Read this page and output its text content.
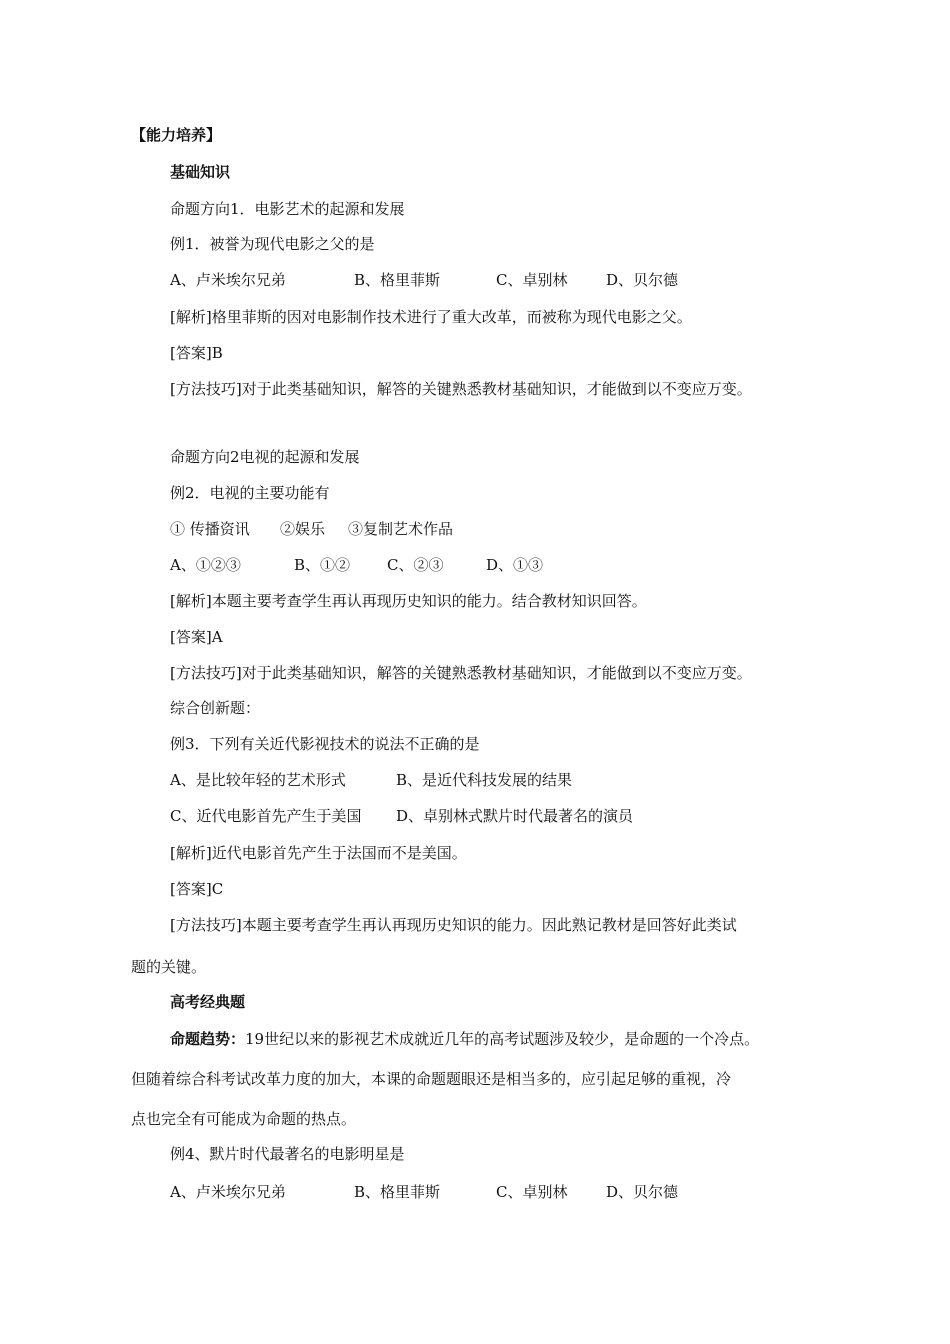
【能力培养】
基础知识
命题方向1．电影艺术的起源和发展
例1．被誉为现代电影之父的是
A、卢米埃尔兄弟	B、格里菲斯	C、卓别林	D、贝尔德
[解析]格里菲斯的因对电影制作技术进行了重大改革，而被称为现代电影之父。
[答案]B
[方法技巧]对于此类基础知识，解答的关键熟悉教材基础知识，才能做到以不变应万变。
命题方向2电视的起源和发展
例2．电视的主要功能有
① 传播资讯 ②娱乐 ③复制艺术作品
A、①②③	B、①② C、②③	D、①③
[解析]本题主要考查学生再认再现历史知识的能力。结合教材知识回答。
[答案]A
[方法技巧]对于此类基础知识，解答的关键熟悉教材基础知识，才能做到以不变应万变。
综合创新题：
例3．下列有关近代影视技术的说法不正确的是
A、是比较年轻的艺术形式	B、是近代科技发展的结果
C、近代电影首先产生于美国 D、卓别林式默片时代最著名的演员
[解析]近代电影首先产生于法国而不是美国。
[答案]C
[方法技巧]本题主要考查学生再认再现历史知识的能力。因此熟记教材是回答好此类试
题的关键。
高考经典题
命题趋势：19世纪以来的影视艺术成就近几年的高考试题涉及较少，是命题的一个冷点。
但随着综合科考试改革力度的加大，本课的命题题眼还是相当多的，应引起足够的重视，冷
点也完全有可能成为命题的热点。
例4、默片时代最著名的电影明星是
A、卢米埃尔兄弟	B、格里菲斯	C、卓别林	D、贝尔德
